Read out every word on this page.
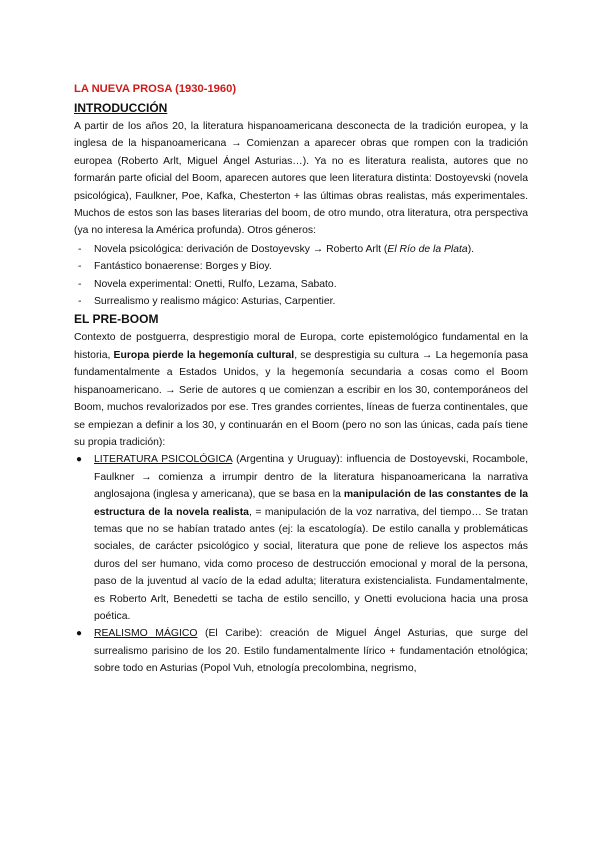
LA NUEVA PROSA (1930-1960)
INTRODUCCIÓN

A partir de los años 20, la literatura hispanoamericana desconecta de la tradición europea, y la inglesa de la hispanoamericana → Comienzan a aparecer obras que rompen con la tradición europea (Roberto Arlt, Miguel Ángel Asturias…). Ya no es literatura realista, autores que no formarán parte oficial del Boom, aparecen autores que leen literatura distinta: Dostoyevski (novela psicológica), Faulkner, Poe, Kafka, Chesterton + las últimas obras realistas, más experimentales. Muchos de estos son las bases literarias del boom, de otro mundo, otra literatura, otra perspectiva (ya no interesa la América profunda). Otros géneros:

- Novela psicológica: derivación de Dostoyevsky → Roberto Arlt (El Río de la Plata).
- Fantástico bonaerense: Borges y Bioy.
- Novela experimental: Onetti, Rulfo, Lezama, Sabato.
- Surrealismo y realismo mágico: Asturias, Carpentier.
EL PRE-BOOM

Contexto de postguerra, desprestigio moral de Europa, corte epistemológico fundamental en la historia, Europa pierde la hegemonía cultural, se desprestigia su cultura → La hegemonía pasa fundamentalmente a Estados Unidos, y la hegemonía secundaria a cosas como el Boom hispanoamericano. → Serie de autores q ue comienzan a escribir en los 30, contemporáneos del Boom, muchos revalorizados por ese. Tres grandes corrientes, líneas de fuerza continentales, que se empiezan a definir a los 30, y continuarán en el Boom (pero no son las únicas, cada país tiene su propia tradición):

● LITERATURA PSICOLÓGICA (Argentina y Uruguay): influencia de Dostoyevski, Rocambole, Faulkner → comienza a irrumpir dentro de la literatura hispanoamericana la narrativa anglosajona (inglesa y americana), que se basa en la manipulación de las constantes de la estructura de la novela realista, = manipulación de la voz narrativa, del tiempo… Se tratan temas que no se habían tratado antes (ej: la escatología). De estilo canalla y problemáticas sociales, de carácter psicológico y social, literatura que pone de relieve los aspectos más duros del ser humano, vida como proceso de destrucción emocional y moral de la persona, paso de la juventud al vacío de la edad adulta; literatura existencialista. Fundamentalmente, es Roberto Arlt, Benedetti se tacha de estilo sencillo, y Onetti evoluciona hacia una prosa poética.
● REALISMO MÁGICO (El Caribe): creación de Miguel Ángel Asturias, que surge del surrealismo parisino de los 20. Estilo fundamentalmente lírico + fundamentación etnológica; sobre todo en Asturias (Popol Vuh, etnología precolombina, negrismo,
